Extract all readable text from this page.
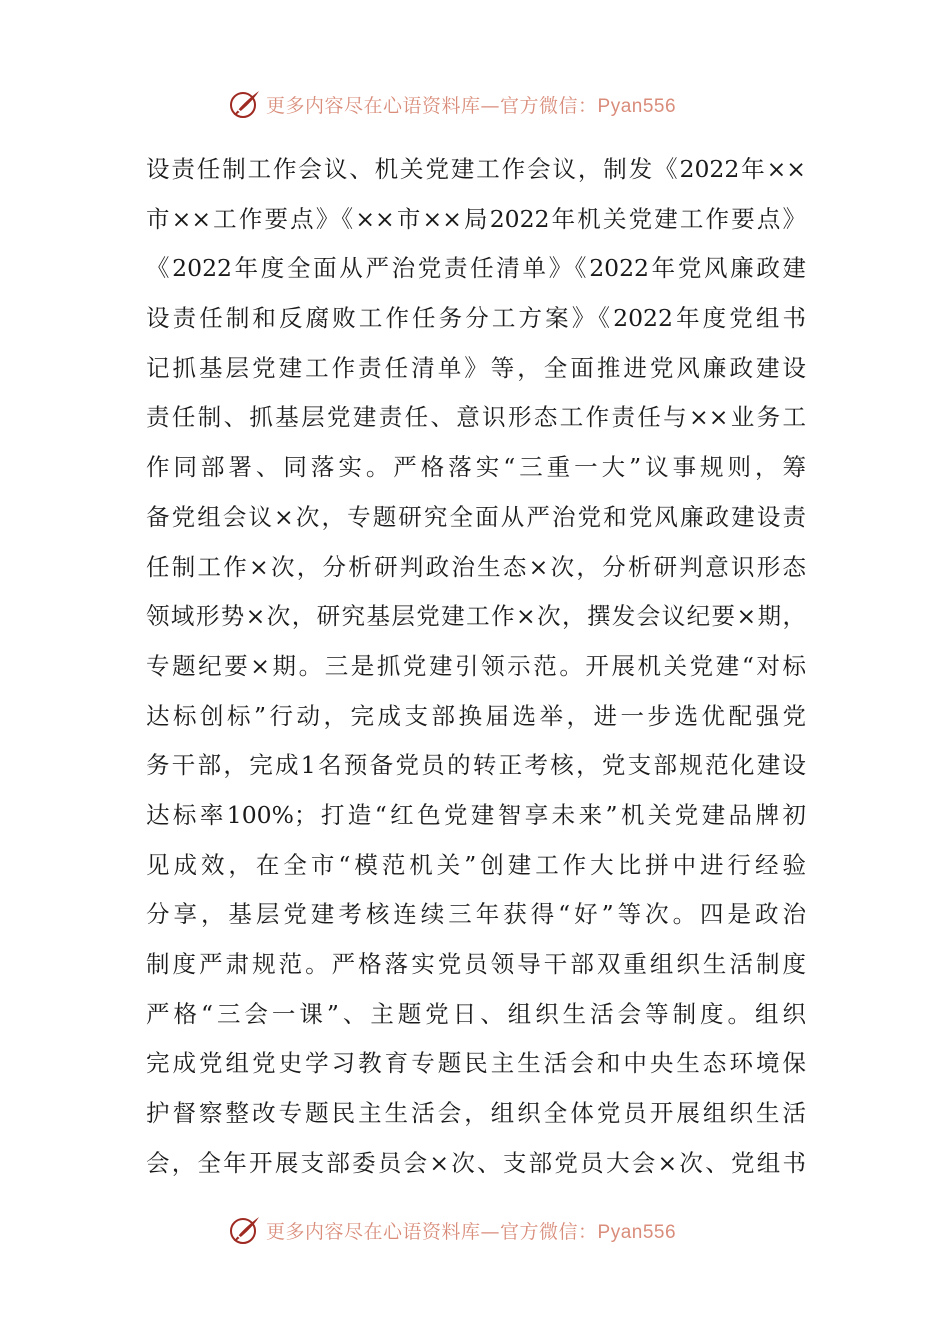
更多内容尽在心语资料库—官方微信：Pyan556
设责任制工作会议、机关党建工作会议，制发《2022年××
市××工作要点》《××市××局2022年机关党建工作要点》
《2022年度全面从严治党责任清单》《2022年党风廉政建
设责任制和反腐败工作任务分工方案》《2022年度党组书
记抓基层党建工作责任清单》等，全面推进党风廉政建设
责任制、抓基层党建责任、意识形态工作责任与××业务工
作同部署、同落实。严格落实“三重一大”议事规则，筹
备党组会议×次，专题研究全面从严治党和党风廉政建设责
任制工作×次，分析研判政治生态×次，分析研判意识形态
领域形势×次，研究基层党建工作×次，撰发会议纪要×期，
专题纪要×期。三是抓党建引领示范。开展机关党建“对标
达标创标”行动，完成支部换届选举，进一步选优配强党
务干部，完成1名预备党员的转正考核，党支部规范化建设
达标率100%；打造“红色党建智享未来”机关党建品牌初
见成效，在全市“模范机关”创建工作大比拼中进行经验
分享，基层党建考核连续三年获得“好”等次。四是政治
制度严肃规范。严格落实党员领导干部双重组织生活制度
严格“三会一课”、主题党日、组织生活会等制度。组织
完成党组党史学习教育专题民主生活会和中央生态环境保
护督察整改专题民主生活会，组织全体党员开展组织生活
会，全年开展支部委员会×次、支部党员大会×次、党组书
更多内容尽在心语资料库—官方微信：Pyan556
